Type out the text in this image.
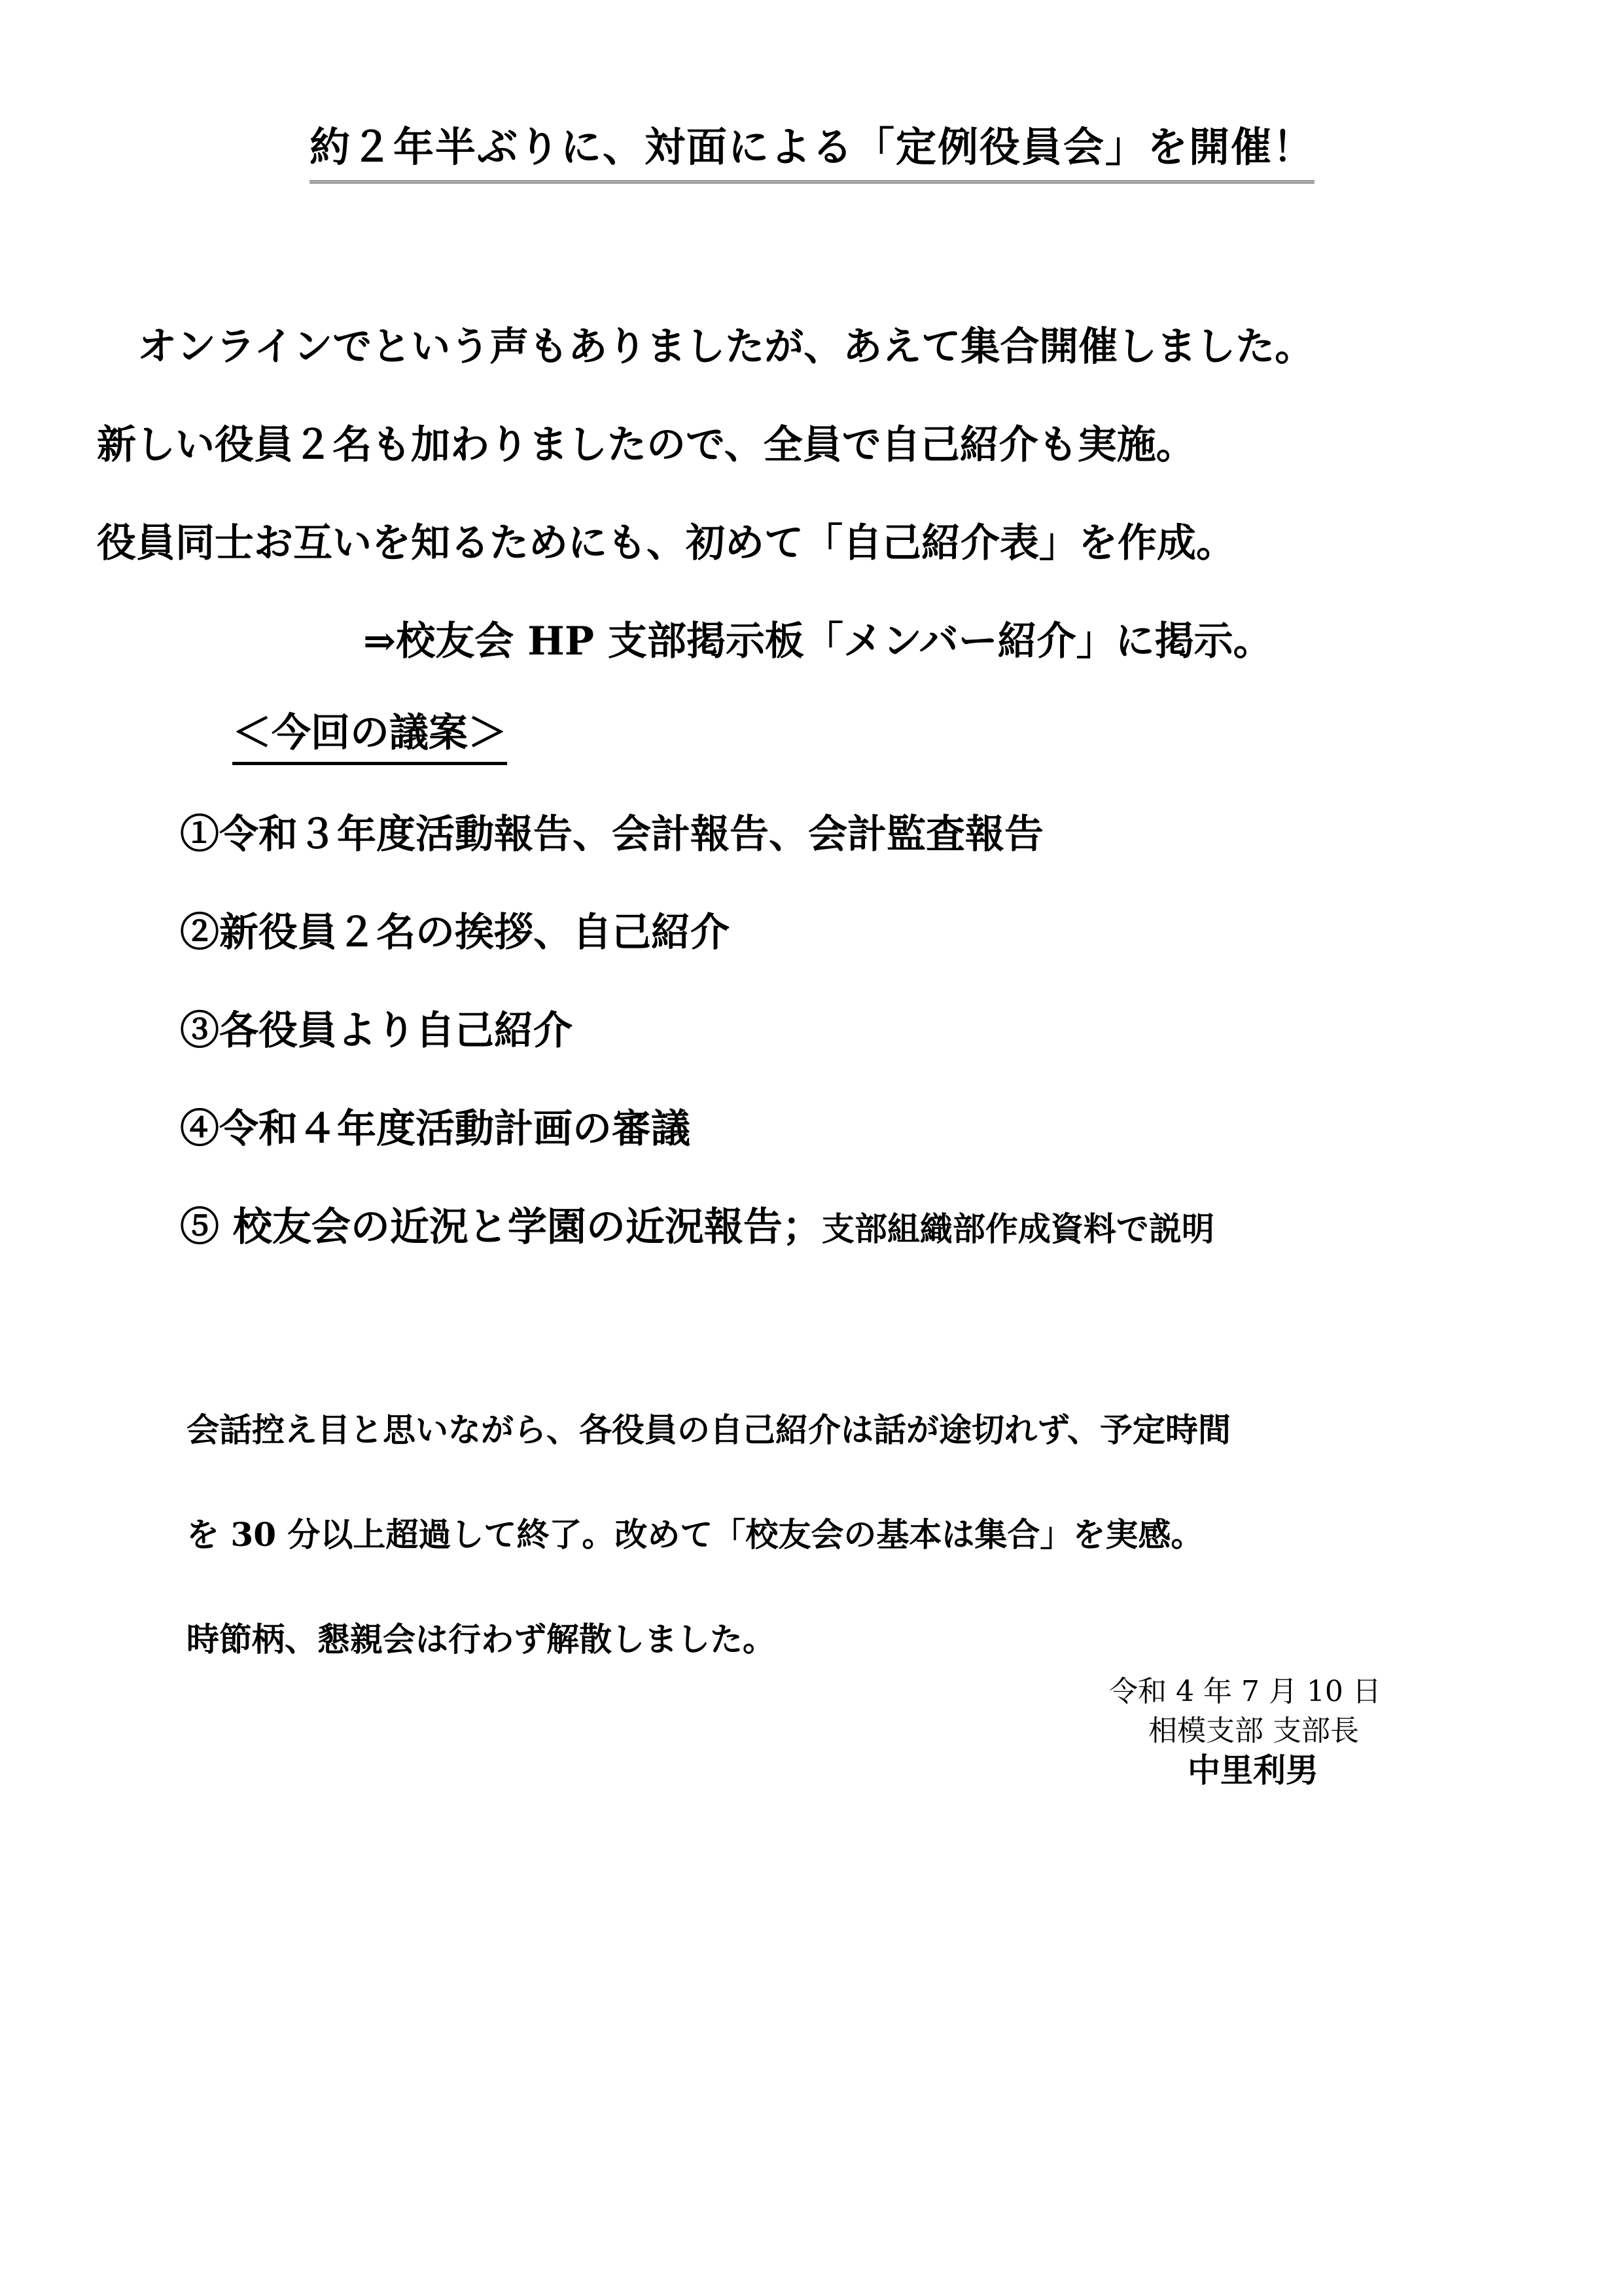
約２年半ぶりに、対面による「定例役員会」を開催！
オンラインでという声もありましたが、あえて集合開催しました。
新しい役員２名も加わりましたので、全員で自己紹介も実施。
役員同士お互いを知るためにも、初めて「自己紹介表」を作成。
⇒校友会 HP 支部掲示板「メンバー紹介」に掲示。
＜今回の議案＞
①令和３年度活動報告、会計報告、会計監査報告
②新役員２名の挨拶、自己紹介
③各役員より自己紹介
④令和４年度活動計画の審議
⑤ 校友会の近況と学園の近況報告；支部組織部作成資料で説明
会話控え目と思いながら、各役員の自己紹介は話が途切れず、予定時間
を 30 分以上超過して終了。改めて「校友会の基本は集合」を実感。
時節柄、懇親会は行わず解散しました。
令和 4 年 7 月 10 日
相模支部 支部長
中里利男
